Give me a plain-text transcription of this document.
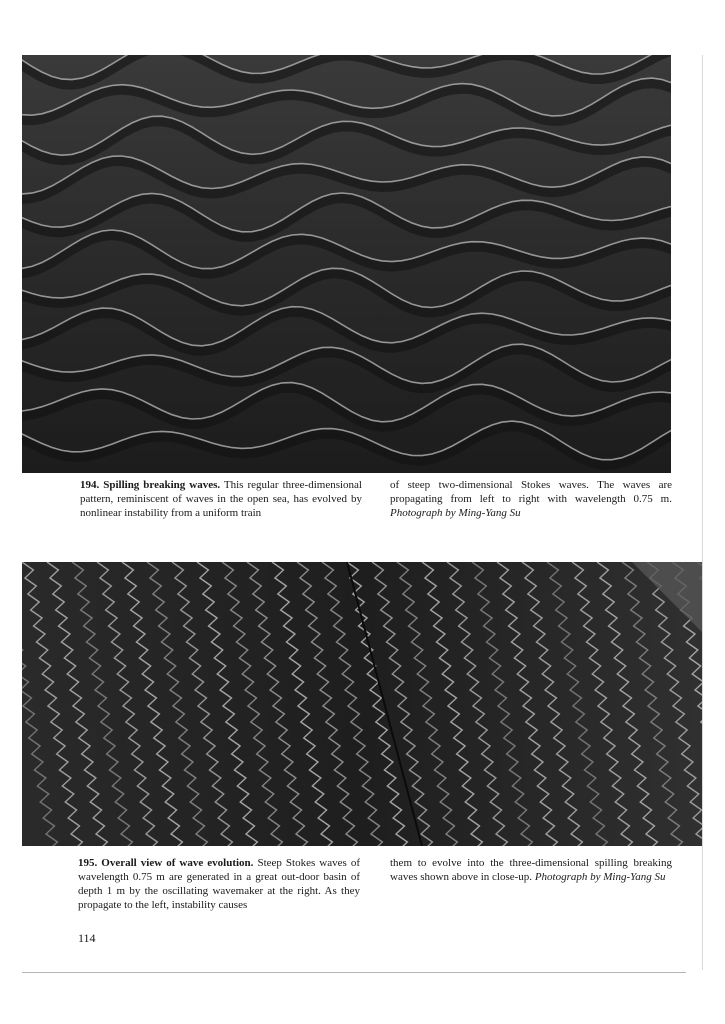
194. Spilling breaking waves. This regular three-dimensional pattern, reminiscent of waves in the open sea, has evolved by nonlinear instability from a uniform train
of steep two-dimensional Stokes waves. The waves are propagating from left to right with wavelength 0.75 m. Photograph by Ming-Yang Su
195. Overall view of wave evolution. Steep Stokes waves of wavelength 0.75 m are generated in a great out-door basin of depth 1 m by the oscillating wavemaker at the right. As they propagate to the left, instability causes
them to evolve into the three-dimensional spilling breaking waves shown above in close-up. Photograph by Ming-Yang Su
114
